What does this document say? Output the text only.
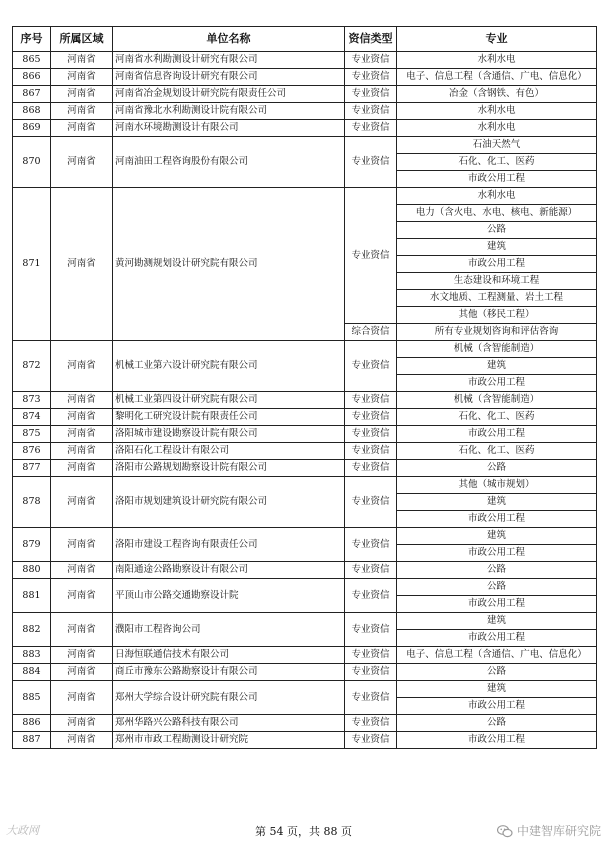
序号	所属区域	单位名称	资信类型	专业
865	河南省	河南省水利勘测设计研究有限公司	专业资信	水利水电
866	河南省	河南省信息咨询设计研究有限公司	专业资信	电子、信息工程（含通信、广电、信息化）
867	河南省	河南省冶金规划设计研究院有限责任公司	专业资信	冶金（含钢铁、有色）
868	河南省	河南省豫北水利勘测设计院有限公司	专业资信	水利水电
869	河南省	河南水环境勘测设计有限公司	专业资信	水利水电
870	河南省	河南油田工程咨询股份有限公司	专业资信	石油天然气
				石化、化工、医药
				市政公用工程
871	河南省	黄河勘测规划设计研究院有限公司	专业资信	水利水电
				电力（含火电、水电、核电、新能源）
				公路
				建筑
				市政公用工程
				生态建设和环境工程
				水文地质、工程测量、岩土工程
				其他（移民工程）
			综合资信	所有专业规划咨询和评估咨询
872	河南省	机械工业第六设计研究院有限公司	专业资信	机械（含智能制造）
				建筑
				市政公用工程
873	河南省	机械工业第四设计研究院有限公司	专业资信	机械（含智能制造）
874	河南省	黎明化工研究设计院有限责任公司	专业资信	石化、化工、医药
875	河南省	洛阳城市建设勘察设计院有限公司	专业资信	市政公用工程
876	河南省	洛阳石化工程设计有限公司	专业资信	石化、化工、医药
877	河南省	洛阳市公路规划勘察设计院有限公司	专业资信	公路
878	河南省	洛阳市规划建筑设计研究院有限公司	专业资信	其他（城市规划）
				建筑
				市政公用工程
879	河南省	洛阳市建设工程咨询有限责任公司	专业资信	建筑
				市政公用工程
880	河南省	南阳通途公路勘察设计有限公司	专业资信	公路
881	河南省	平顶山市公路交通勘察设计院	专业资信	公路
				市政公用工程
882	河南省	濮阳市工程咨询公司	专业资信	建筑
				市政公用工程
883	河南省	日海恒联通信技术有限公司	专业资信	电子、信息工程（含通信、广电、信息化）
884	河南省	商丘市豫东公路勘察设计有限公司	专业资信	公路
885	河南省	郑州大学综合设计研究院有限公司	专业资信	建筑
				市政公用工程
886	河南省	郑州华路兴公路科技有限公司	专业资信	公路
887	河南省	郑州市市政工程勘测设计研究院	专业资信	市政公用工程
大政网	第 54 页，共 88 页	中建智库研究院
